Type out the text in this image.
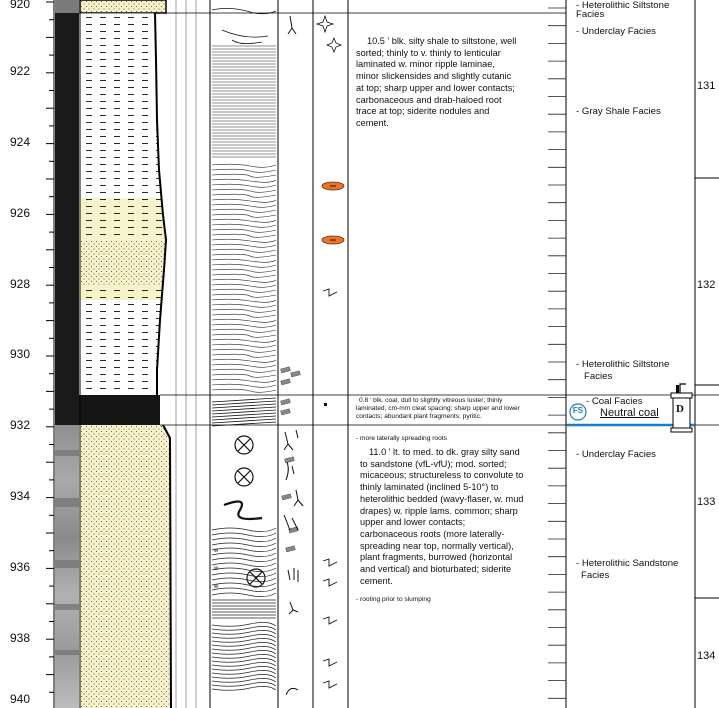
w
w
w
920
922
924
926
928
930
932
934
936
938
940
131
132
133
134
10.5 ' blk. silty shale to siltstone, well
sorted; thinly to v. thinly to lenticular
laminated w. minor ripple laminae,
minor slickensides and slightly cutanic
at top; sharp upper and lower contacts;
carbonaceous and drab-haloed root
trace at top; siderite nodules and
cement.
0.8 ' blk. coal, dull to slightly vitreous luster; thinly
laminated, cm-mm cleat spacing; sharp upper and lower
contacts; abundant plant fragments; pyritic.
- more laterally spreading roots
11.0 ' lt. to med. to dk. gray silty sand
to sandstone (vfL-vfU); mod. sorted;
micaceous; structureless to convolute to
thinly laminated (inclined 5-10°) to
heterolithic bedded (wavy-flaser, w. mud
drapes) w. ripple lams. common; sharp
upper and lower contacts;
carbonaceous roots (more laterally-
spreading near top, normally vertical),
plant fragments, burrowed (horizontal
and vertical) and bioturbated; siderite
cement.
- rooting prior to slumping
- Heterolithic Siltstone
Facies
- Underclay Facies
- Gray Shale Facies
- Heterolithic Siltstone
Facies
- Coal Facies
FS Neutral coal D
- Underclay Facies
- Heterolithic Sandstone
Facies
